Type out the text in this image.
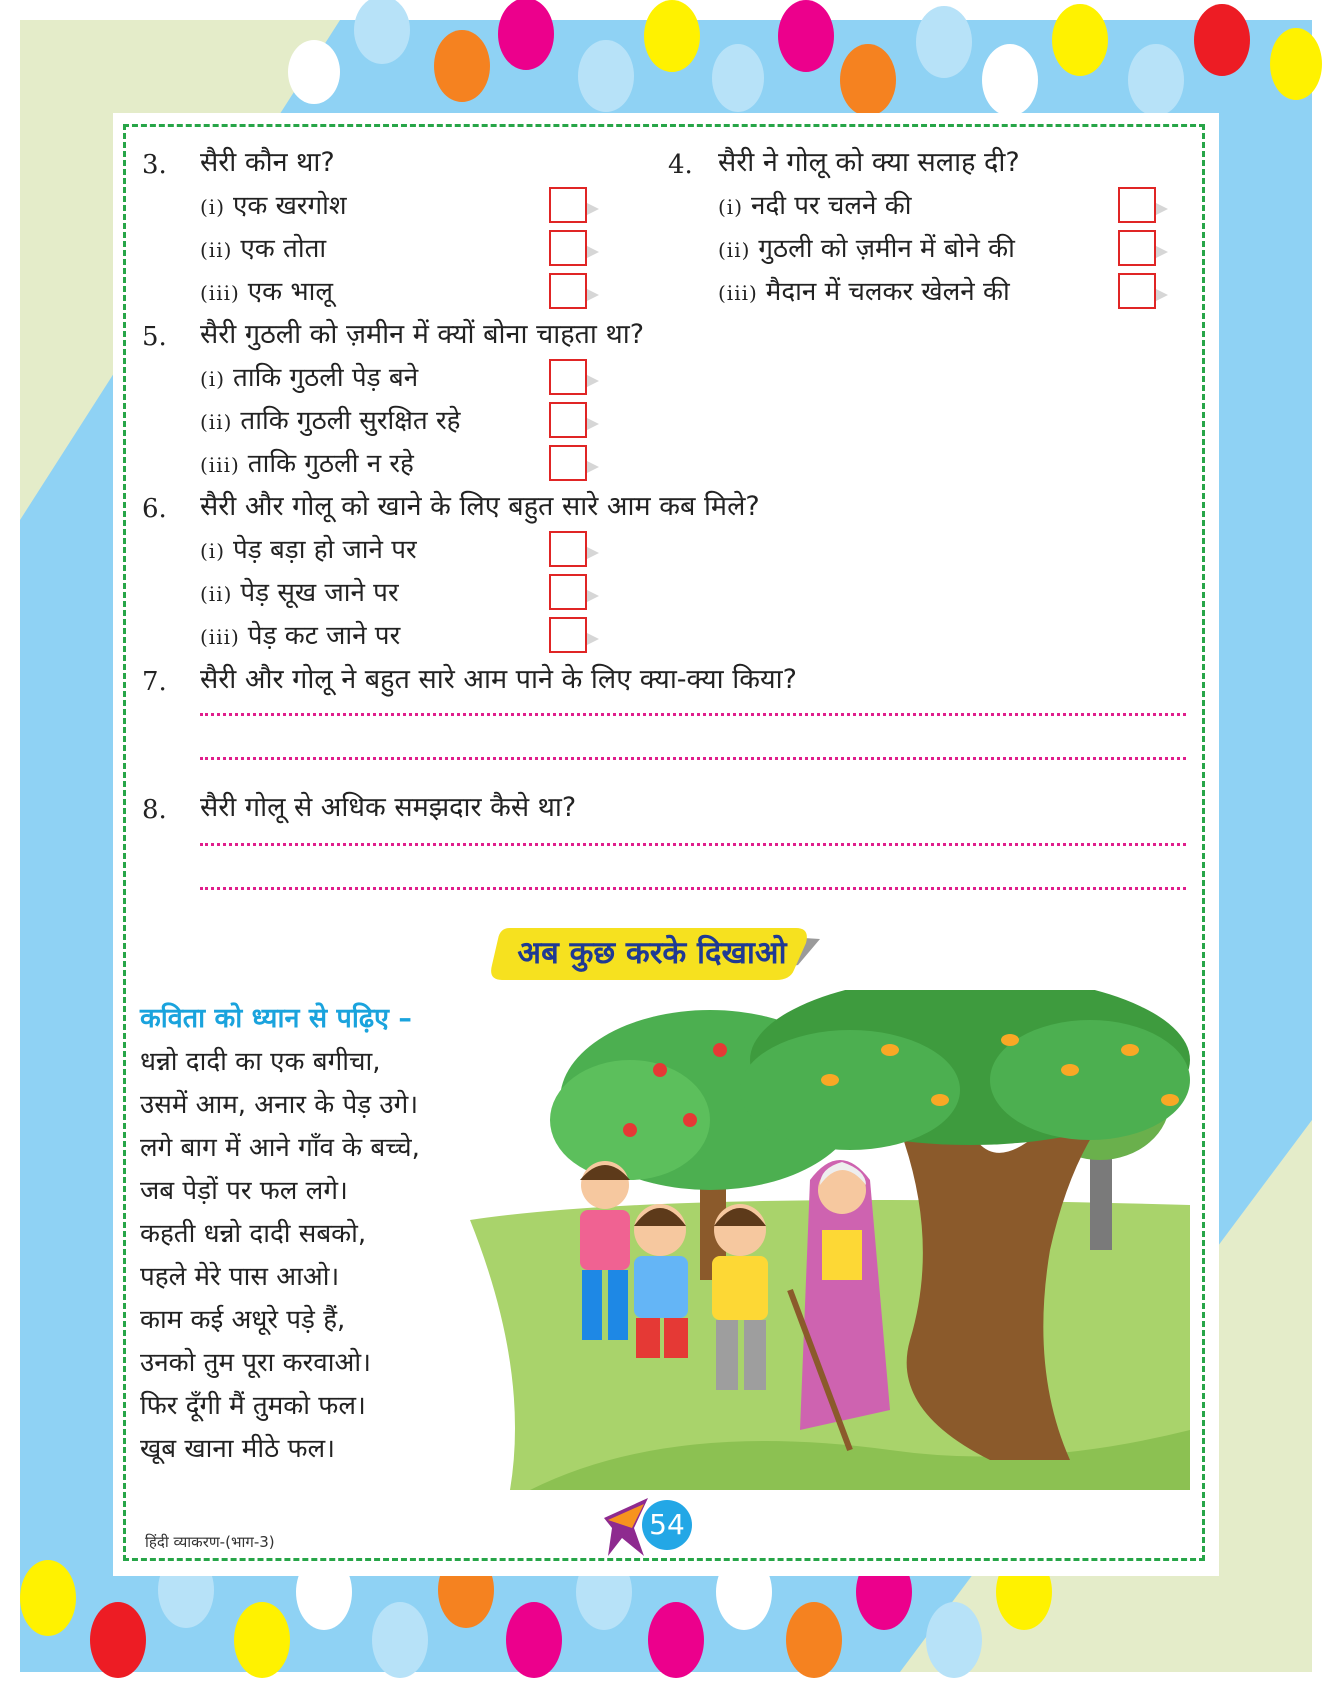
3. सैरी कौन था?
(i) एक खरगोश
(ii) एक तोता
(iii) एक भालू
4. सैरी ने गोलू को क्या सलाह दी?
(i) नदी पर चलने की
(ii) गुठली को ज़मीन में बोने की
(iii) मैदान में चलकर खेलने की
5. सैरी गुठली को ज़मीन में क्यों बोना चाहता था?
(i) ताकि गुठली पेड़ बने
(ii) ताकि गुठली सुरक्षित रहे
(iii) ताकि गुठली न रहे
6. सैरी और गोलू को खाने के लिए बहुत सारे आम कब मिले?
(i) पेड़ बड़ा हो जाने पर
(ii) पेड़ सूख जाने पर
(iii) पेड़ कट जाने पर
7. सैरी और गोलू ने बहुत सारे आम पाने के लिए क्या-क्या किया?
8. सैरी गोलू से अधिक समझदार कैसे था?
अब कुछ करके दिखाओ
कविता को ध्यान से पढ़िए –
धन्नो दादी का एक बगीचा,
उसमें आम, अनार के पेड़ उगे।
लगे बाग में आने गाँव के बच्चे,
जब पेड़ों पर फल लगे।
कहती धन्नो दादी सबको,
पहले मेरे पास आओ।
काम कई अधूरे पड़े हैं,
उनको तुम पूरा करवाओ।
फिर दूँगी मैं तुमको फल।
खूब खाना मीठे फल।
हिंदी व्याकरण-(भाग-3)
54
